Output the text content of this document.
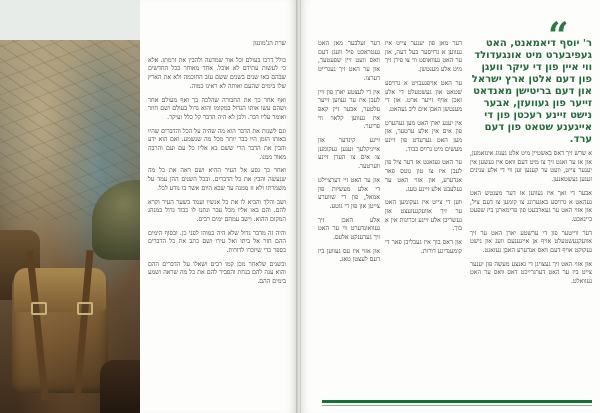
שרת הג'מונגון

כולל דרכו בעולם וכל אור שמדעה ולהבין את זרמתו. אלא כי לעשות עתידם לא אוכל. אחד מאוחר בכל החדשים שבהם באו שנים בשנים ששם עזב החוכמה ולא את הארץ שלו בימים שהעם ואותה לא ראינו כמוה.

ואף אחר כך את החבורה שהלכה כך ואף מעולם אחר ושהם עשו אותו הגדול במקומו והוא גדול בעולם ושם חוזר ואומר עליו דבר. ולכן לא היה הדבר קל כלל ועיקר.

וגם לשנות את הדבר הוא מה שהיה על הכל והדברים שהיו באותו הזמן היו כבר יותר מכל מה שנשמע. ואם הוא ידע והבין את הדבר הרי ששם בא אליו כל עם ועם והרבה מאוד ממנו.

ואחר כך נסע אל העיר ההיא ושם ראה את כל מה שנעשה והבין את כל הדברים. ובכל השנים ההן עמד על משמרתו ולא זז ממנה עד שבא היום אשר בו נודע לכל.

ושב והלך והביא לו את כל אנשיו ועמד בשער העיר וקרא להם. והם באו אליו מכל עבר ונתנו לו כבוד גדול כמנהג המקום ההוא. וישב עמהם ימים רבים.

והיה זה מדבר גדול שלא היה כמוהו לפני כן. ובסוף הימים ההם חזר אל ביתו ואל עירו ושם כתב את כל הדברים בספר כדי שיזכרו לדורות.

ובשנים שלאחר מכן קמו רבים ושאלו על הדברים ההם והוא ענה להם בנחת והסביר להם את כל מה שראה ושמע בימים ההם.

“
ר' יוסף דיאמאנט, האט געפיבערט מיט אונגעדולד ווי איין פון די עיקר וועגן פון דעם אלטן ארץ ישראל און דעם בריטישן מאנדאט זייער פון געוועזן, אבער נישט זיינע רעכטן פון די אייגענע שטאט פון דעם ערד.

א שרש זיך דאס באשטיין מיט אלט גענוג אינזאמען, און אז ער זאגט זיך צו מיט דעם וואס איז געשען אין יענער צייט, וועט ער קענען זען ווי די אלע ענינים זענען געשטאנען.

אבער די זאך איז געווען אז דער מענטש האט געהאט א גרויסע באגערונג צו קומען צו דעם ציל, און אזוי האט ער געארבעט פון פרימארגן ביז שפעט ביינאכט.

דער ווייטער פון די ערשטע יארן האט ער זיך אוועקגעשטעלט אויף אן אייגענעם וועג און נישט געקוקט אויף דעם וואס אנדערע האבן געזאגט.

און אזוי האט זיך געצויגן די גאנצע מעשה פון יענער צייט ביז ער האט דערגרייכט דאס וואס ער האט געוואלט.

דער מאן פון יענער צייט איז געווען א גרויסער בעל דעה, און ער האט געוואוסט ווי צו פירן זיך מיט אלע מענטשן.

ער האט אויפגעבויט א גרויסע שטאט און געשטעלט די אלע זאכן אויף זייער ארט. און די מענטשן האבן אים ליב געהאט.

אין יענע יארן האט מען געהערט פון אים אין אלע ערטער, און מען האט גערעדט פון זיינע מעשים מיט גרויס כבוד.

ער האט געזאגט אז דער ציל פון לעבן איז צו טון גוטס פאר אנדערע, און אזוי האט ער געלעבט אלע זיינע טעג.

ווען די צייט איז געקומען האט ער זיך אוועקגעזעצט און געשריבן אלע זיינע זכרונות אין א בוך.

און דאס בוך איז געבליבן פאר די קומענדיגע דורות.

דער זעלבער מאן האט געטראכט פיל וועגן דעם וואס וועט זיין שפעטער, און ער האט זיך געגרייט דערצו.

אין די לעצטע יארן פון זיין לעבן איז ער געווען זייער עלטער, אבער זיין קאפ איז געווען קלאר ווי פריער.

זיינע קינדער און אייניקלעך זענען געקומען צו אים צו הערן זיינע ווערטער.

און ער האט זיי דערציילט די אלע מעשיות פון אמאל, פון די שווערע צייטן און פון די גוטע.

אלע האבן זיך געוואונדערט ווי ער האט זיך געדענקט אלעס.

און אזוי איז עס געווען ביז דעם לעצטן טאג.
